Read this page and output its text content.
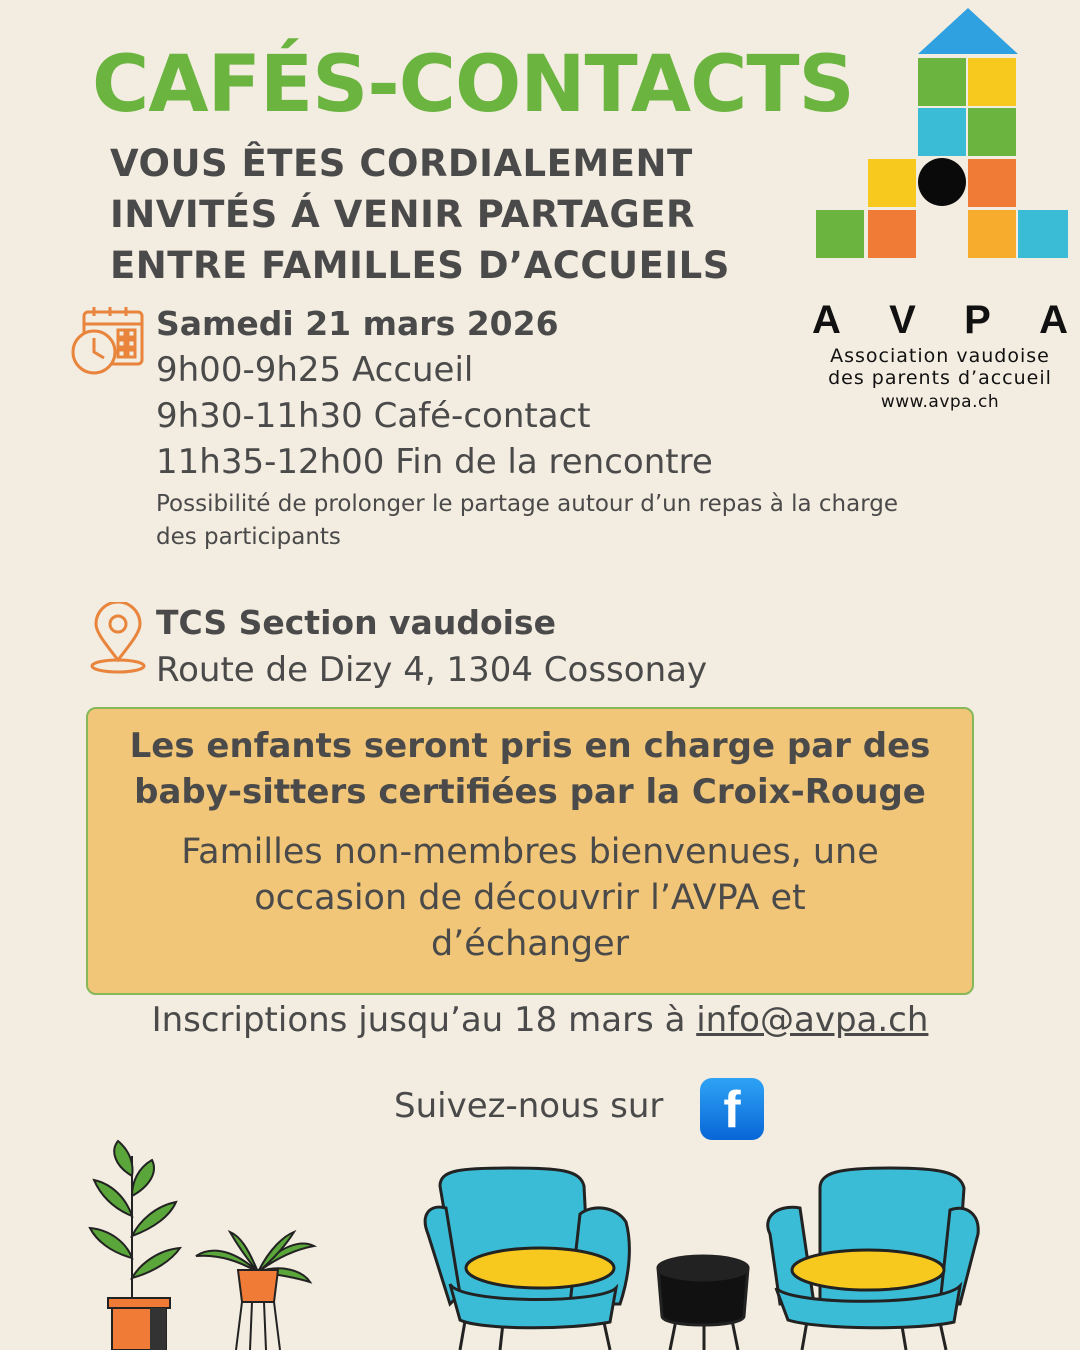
CAFÉS-CONTACTS
VOUS ÊTES CORDIALEMENT
INVITÉS Á VENIR PARTAGER
ENTRE FAMILLES D’ACCUEILS
A V P A
Association vaudoise
des parents d’accueil
www.avpa.ch
Samedi 21 mars 2026
9h00-9h25 Accueil
9h30-11h30 Café-contact
11h35-12h00 Fin de la rencontre
Possibilité de prolonger le partage autour d’un repas à la charge des participants
TCS Section vaudoise
Route de Dizy 4, 1304 Cossonay
Les enfants seront pris en charge par des baby-sitters certifiées par la Croix-Rouge
Familles non-membres bienvenues, une occasion de découvrir l’AVPA et d’échanger
Inscriptions jusqu’au 18 mars à info@avpa.ch
Suivez-nous sur	f
